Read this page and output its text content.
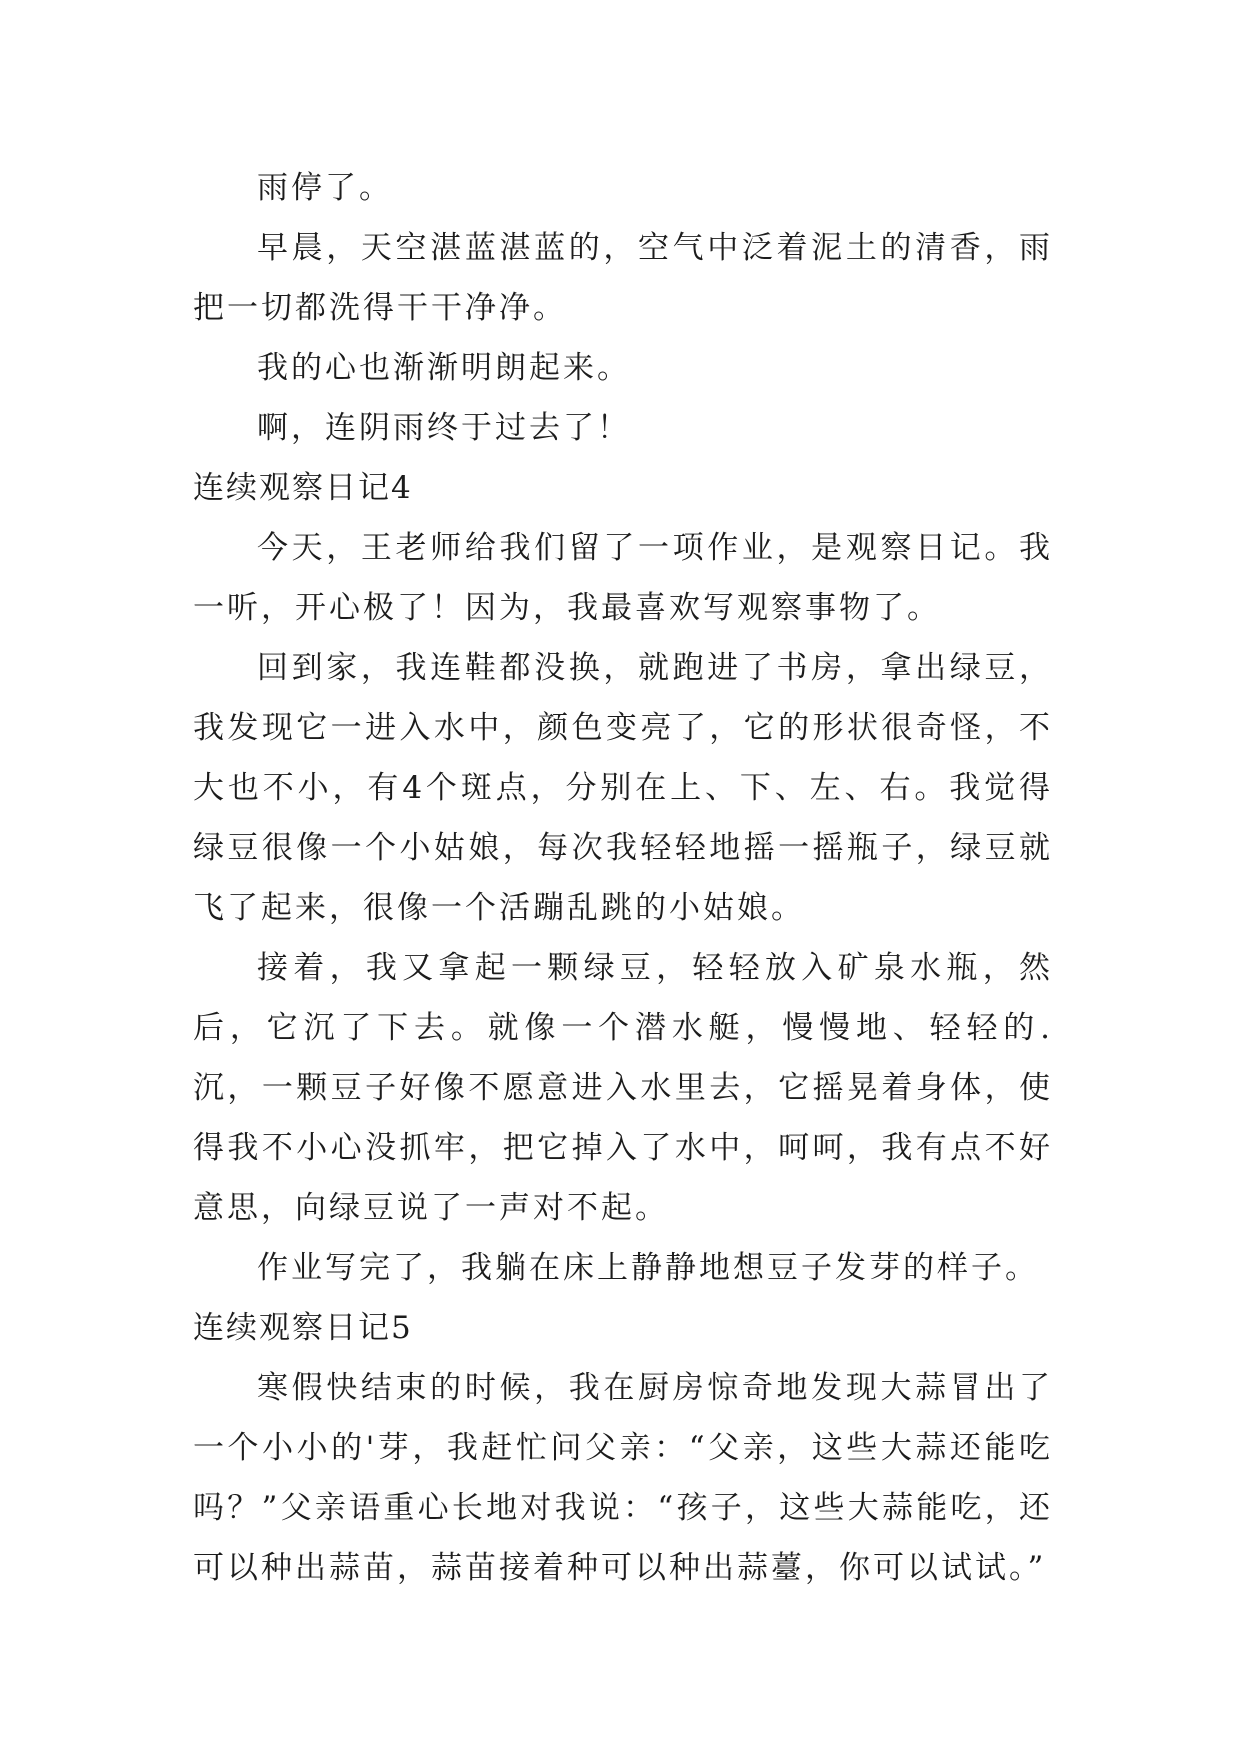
雨停了。

早晨，天空湛蓝湛蓝的，空气中泛着泥土的清香，雨把一切都洗得干干净净。

我的心也渐渐明朗起来。

啊，连阴雨终于过去了！

连续观察日记4

今天，王老师给我们留了一项作业，是观察日记。我一听，开心极了！因为，我最喜欢写观察事物了。

回到家，我连鞋都没换，就跑进了书房，拿出绿豆，我发现它一进入水中，颜色变亮了，它的形状很奇怪，不大也不小，有4个斑点，分别在上、下、左、右。我觉得绿豆很像一个小姑娘，每次我轻轻地摇一摇瓶子，绿豆就飞了起来，很像一个活蹦乱跳的小姑娘。

接着，我又拿起一颗绿豆，轻轻放入矿泉水瓶，然后，它沉了下去。就像一个潜水艇，慢慢地、轻轻的.沉，一颗豆子好像不愿意进入水里去，它摇晃着身体，使得我不小心没抓牢，把它掉入了水中，呵呵，我有点不好意思，向绿豆说了一声对不起。

作业写完了，我躺在床上静静地想豆子发芽的样子。

连续观察日记5

寒假快结束的时候，我在厨房惊奇地发现大蒜冒出了一个小小的'芽，我赶忙问父亲：“父亲，这些大蒜还能吃吗？”父亲语重心长地对我说：“孩子，这些大蒜能吃，还可以种出蒜苗，蒜苗接着种可以种出蒜薹，你可以试试。”
